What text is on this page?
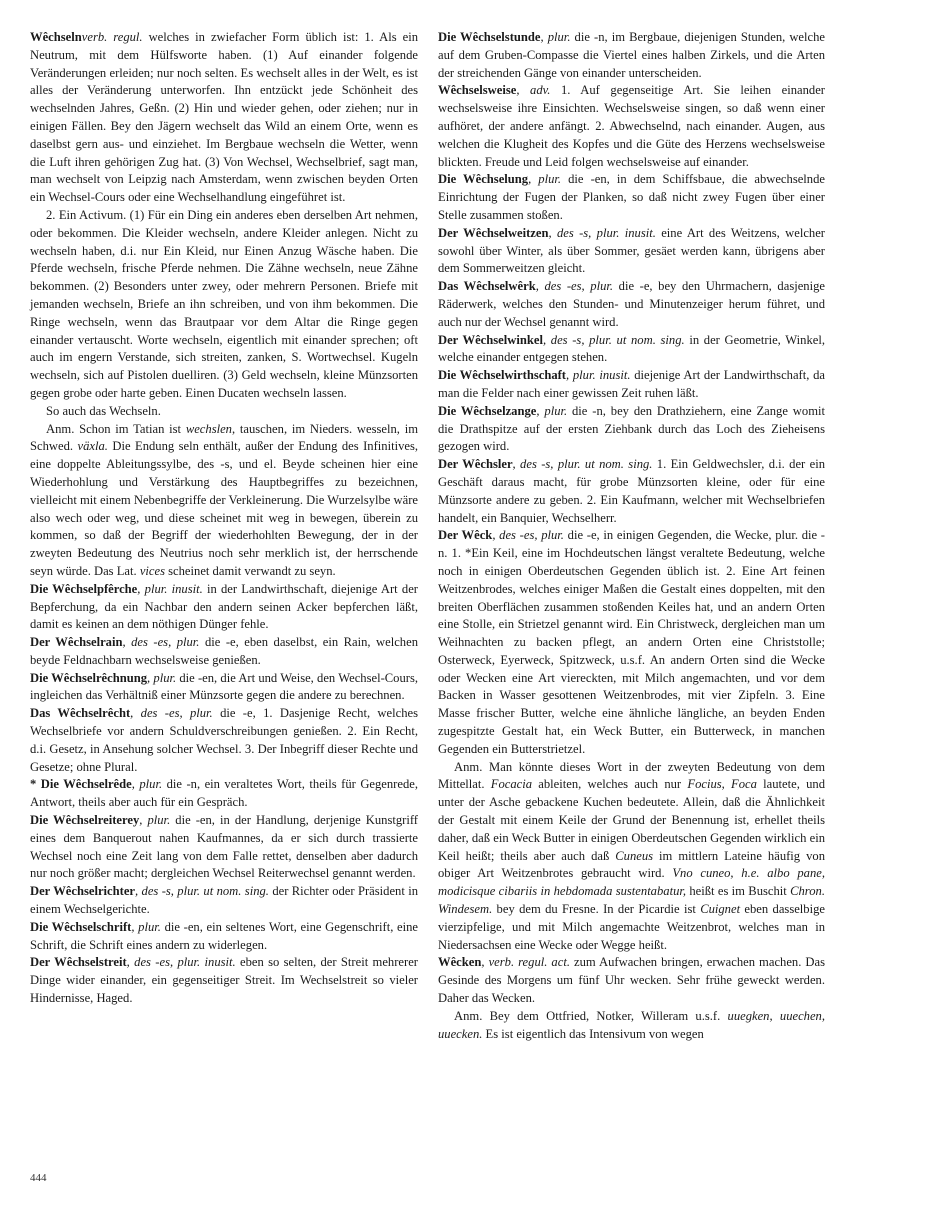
Wêchselnverb. regul. welches in zwiefacher Form üblich ist: 1. Als ein Neutrum, mit dem Hülfsworte haben. (1) Auf einander folgende Veränderungen erleiden; nur noch selten. Es wechselt alles in der Welt, es ist alles der Veränderung unterworfen. Ihn entzückt jede Schönheit des wechselnden Jahres, Geßn. (2) Hin und wieder gehen, oder ziehen; nur in einigen Fällen. Bey den Jägern wechselt das Wild an einem Orte, wenn es daselbst gern aus- und einziehet. Im Bergbaue wechseln die Wetter, wenn die Luft ihren gehörigen Zug hat. (3) Von Wechsel, Wechselbrief, sagt man, man wechselt von Leipzig nach Amsterdam, wenn zwischen beyden Orten ein Wechsel-Cours oder eine Wechselhandlung eingeführet ist.

2. Ein Activum. (1) Für ein Ding ein anderes eben derselben Art nehmen, oder bekommen. Die Kleider wechseln, andere Kleider anlegen. Nicht zu wechseln haben, d.i. nur Ein Kleid, nur Einen Anzug Wäsche haben. Die Pferde wechseln, frische Pferde nehmen. Die Zähne wechseln, neue Zähne bekommen. (2) Besonders unter zwey, oder mehrern Personen. Briefe mit jemanden wechseln, Briefe an ihn schreiben, und von ihm bekommen. Die Ringe wechseln, wenn das Brautpaar vor dem Altar die Ringe gegen einander vertauscht. Worte wechseln, eigentlich mit einander sprechen; oft auch im engern Verstande, sich streiten, zanken, S. Wortwechsel. Kugeln wechseln, sich auf Pistolen duelliren. (3) Geld wechseln, kleine Münzsorten gegen grobe oder harte geben. Einen Ducaten wechseln lassen.

So auch das Wechseln.

Anm. Schon im Tatian ist wechslen, tauschen, im Nieders. wesseln, im Schwed. växla. Die Endung seln enthält, außer der Endung des Infinitives, eine doppelte Ableitungssylbe, des -s, und el. Beyde scheinen hier eine Wiederhohlung und Verstärkung des Hauptbegriffes zu bezeichnen, vielleicht mit einem Nebenbegriffe der Verkleinerung. Die Wurzelsylbe wäre also wech oder weg, und diese scheinet mit weg in bewegen, überein zu kommen, so daß der Begriff der wiederhohlten Bewegung, der in der zweyten Bedeutung des Neutrius noch sehr merklich ist, der herrschende seyn würde. Das Lat. vices scheinet damit verwandt zu seyn.

Die Wêchselpfêrche, plur. inusit. in der Landwirthschaft, diejenige Art der Bepferchung, da ein Nachbar den andern seinen Acker bepferchen läßt, damit es keinen an dem nöthigen Dünger fehle.

Der Wêchselrain, des -es, plur. die -e, eben daselbst, ein Rain, welchen beyde Feldnachbarn wechselsweise genießen.

Die Wêchselrêchnung, plur. die -en, die Art und Weise, den Wechsel-Cours, ingleichen das Verhältniß einer Münzsorte gegen die andere zu berechnen.

Das Wêchselrêcht, des -es, plur. die -e, 1. Dasjenige Recht, welches Wechselbriefe vor andern Schuldverschreibungen genießen. 2. Ein Recht, d.i. Gesetz, in Ansehung solcher Wechsel. 3. Der Inbegriff dieser Rechte und Gesetze; ohne Plural.

* Die Wêchselrêde, plur. die -n, ein veraltetes Wort, theils für Gegenrede, Antwort, theils aber auch für ein Gespräch.

Die Wêchselreiterey, plur. die -en, in der Handlung, derjenige Kunstgriff eines dem Banquerout nahen Kaufmannes, da er sich durch trassierte Wechsel noch eine Zeit lang von dem Falle rettet, denselben aber dadurch nur noch größer macht; dergleichen Wechsel Reiterwechsel genannt werden.

Der Wêchselrichter, des -s, plur. ut nom. sing. der Richter oder Präsident in einem Wechselgerichte.

Die Wêchselschrift, plur. die -en, ein seltenes Wort, eine Gegenschrift, eine Schrift, die Schrift eines andern zu widerlegen.

Der Wêchselstreit, des -es, plur. inusit. eben so selten, der Streit mehrerer Dinge wider einander, ein gegenseitiger Streit. Im Wechselstreit so vieler Hindernisse, Haged.

Die Wêchselstunde, plur. die -n, im Bergbaue, diejenigen Stunden, welche auf dem Gruben-Compasse die Viertel eines halben Zirkels, und die Arten der streichenden Gänge von einander unterscheiden.

Wêchselsweise, adv. 1. Auf gegenseitige Art. Sie leihen einander wechselsweise ihre Einsichten. Wechselsweise singen, so daß wenn einer aufhöret, der andere anfängt. 2. Abwechselnd, nach einander. Augen, aus welchen die Klugheit des Kopfes und die Güte des Herzens wechselsweise blickten. Freude und Leid folgen wechselsweise auf einander.

Die Wêchselung, plur. die -en, in dem Schiffsbaue, die abwechselnde Einrichtung der Fugen der Planken, so daß nicht zwey Fugen über einer Stelle zusammen stoßen.

Der Wêchselweitzen, des -s, plur. inusit. eine Art des Weitzens, welcher sowohl über Winter, als über Sommer, gesäet werden kann, übrigens aber dem Sommerweitzen gleicht.

Das Wêchselwêrk, des -es, plur. die -e, bey den Uhrmachern, dasjenige Räderwerk, welches den Stunden- und Minutenzeiger herum führet, und auch nur der Wechsel genannt wird.

Der Wêchselwinkel, des -s, plur. ut nom. sing. in der Geometrie, Winkel, welche einander entgegen stehen.

Die Wêchselwirthschaft, plur. inusit. diejenige Art der Landwirthschaft, da man die Felder nach einer gewissen Zeit ruhen läßt.

Die Wêchselzange, plur. die -n, bey den Drathziehern, eine Zange womit die Drathspitze auf der ersten Ziehbank durch das Loch des Zieheisens gezogen wird.

Der Wêchsler, des -s, plur. ut nom. sing. 1. Ein Geldwechsler, d.i. der ein Geschäft daraus macht, für grobe Münzsorten kleine, oder für eine Münzsorte andere zu geben. 2. Ein Kaufmann, welcher mit Wechselbriefen handelt, ein Banquier, Wechselherr.

Der Wêck, des -es, plur. die -e, in einigen Gegenden, die Wecke, plur. die -n. 1. *Ein Keil, eine im Hochdeutschen längst veraltete Bedeutung, welche noch in einigen Oberdeutschen Gegenden üblich ist. 2. Eine Art feinen Weitzenbrodes, welches einiger Maßen die Gestalt eines doppelten, mit den breiten Oberflächen zusammen stoßenden Keiles hat, und an andern Orten eine Stolle, ein Strietzel genannt wird. Ein Christweck, dergleichen man um Weihnachten zu backen pflegt, an andern Orten eine Christstolle; Osterweck, Eyerweck, Spitzweck, u.s.f. An andern Orten sind die Wecke oder Wecken eine Art viereckten, mit Milch angemachten, und vor dem Backen in Wasser gesottenen Weitzenbrodes, mit vier Zipfeln. 3. Eine Masse frischer Butter, welche eine ähnliche längliche, an beyden Enden zugespitzte Gestalt hat, ein Weck Butter, ein Butterweck, in manchen Gegenden ein Butterstrietzel.

Anm. Man könnte dieses Wort in der zweyten Bedeutung von dem Mittellat. Focacia ableiten, welches auch nur Focius, Foca lautete, und unter der Asche gebackene Kuchen bedeutete. Allein, daß die Ähnlichkeit der Gestalt mit einem Keile der Grund der Benennung ist, erhellet theils daher, daß ein Weck Butter in einigen Oberdeutschen Gegenden wirklich ein Keil heißt; theils aber auch daß Cuneus im mittlern Lateine häufig von obiger Art Weitzenbrotes gebraucht wird. Vno cuneo, h.e. albo pane, modicisque cibariis in hebdomada sustentabatur, heißt es im Buschit Chron. Windesem. bey dem du Fresne. In der Picardie ist Cuignet eben dasselbige vierzipfelige, und mit Milch angemachte Weitzenbrot, welches man in Niedersachsen eine Wecke oder Wegge heißt.

Wêcken, verb. regul. act. zum Aufwachen bringen, erwachen machen. Das Gesinde des Morgens um fünf Uhr wecken. Sehr frühe geweckt werden. Daher das Wecken.

Anm. Bey dem Ottfried, Notker, Willeram u.s.f. uuegken, uuechen, uuecken. Es ist eigentlich das Intensivum von wegen

444
